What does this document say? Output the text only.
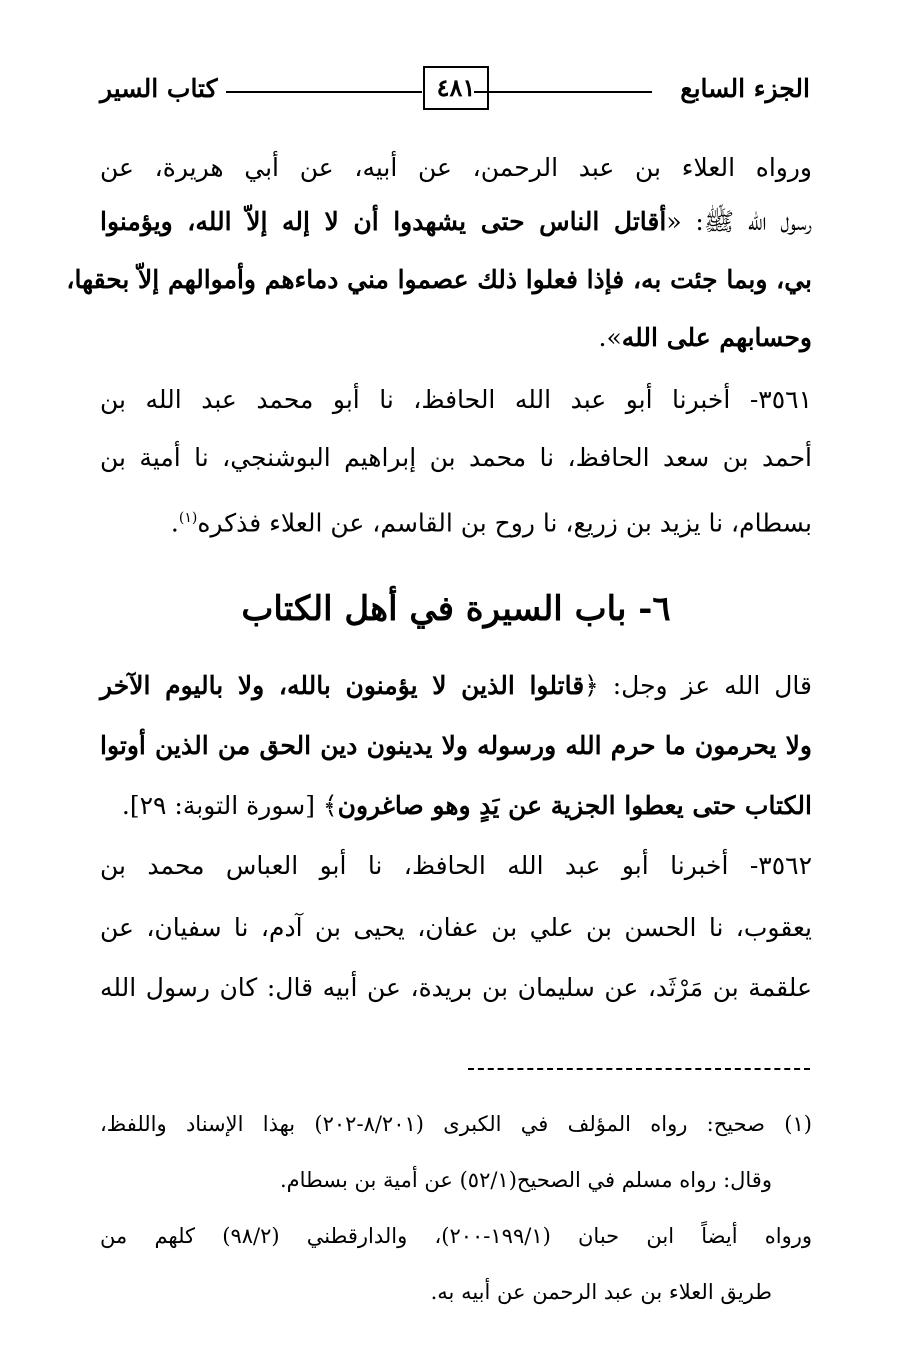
الجزء السابع
٤٨١
كتاب السير
ورواه العلاء بن عبد الرحمن، عن أبيه، عن أبي هريرة، عن
رسول الله ﷺ: «أقاتل الناس حتى يشهدوا أن لا إله إلاّ الله، ويؤمنوا
بي، وبما جئت به، فإذا فعلوا ذلك عصموا مني دماءهم وأموالهم إلاّ بحقها،
وحسابهم على الله».
٣٥٦١- أخبرنا أبو عبد الله الحافظ، نا أبو محمد عبد الله بن
أحمد بن سعد الحافظ، نا محمد بن إبراهيم البوشنجي، نا أمية بن
بسطام، نا يزيد بن زريع، نا روح بن القاسم، عن العلاء فذكره$^{(١)}$.
٦- باب السيرة في أهل الكتاب
قال الله عز وجل: ﴿قاتلوا الذين لا يؤمنون بالله، ولا باليوم الآخر
ولا يحرمون ما حرم الله ورسوله ولا يدينون دين الحق من الذين أوتوا
الكتاب حتى يعطوا الجزية عن يَدٍ وهو صاغرون﴾ [سورة التوبة: ٢٩].
٣٥٦٢- أخبرنا أبو عبد الله الحافظ، نا أبو العباس محمد بن
يعقوب، نا الحسن بن علي بن عفان، يحيى بن آدم، نا سفيان، عن
علقمة بن مَرْثَد، عن سليمان بن بريدة، عن أبيه قال: كان رسول الله
(١) صحيح: رواه المؤلف في الكبرى (٨/٢٠١-٢٠٢) بهذا الإسناد واللفظ،
وقال: رواه مسلم في الصحيح(٥٢/١) عن أمية بن بسطام.
ورواه أيضاً ابن حبان (١٩٩/١-٢٠٠)، والدارقطني (٩٨/٢) كلهم من
طريق العلاء بن عبد الرحمن عن أبيه به.
